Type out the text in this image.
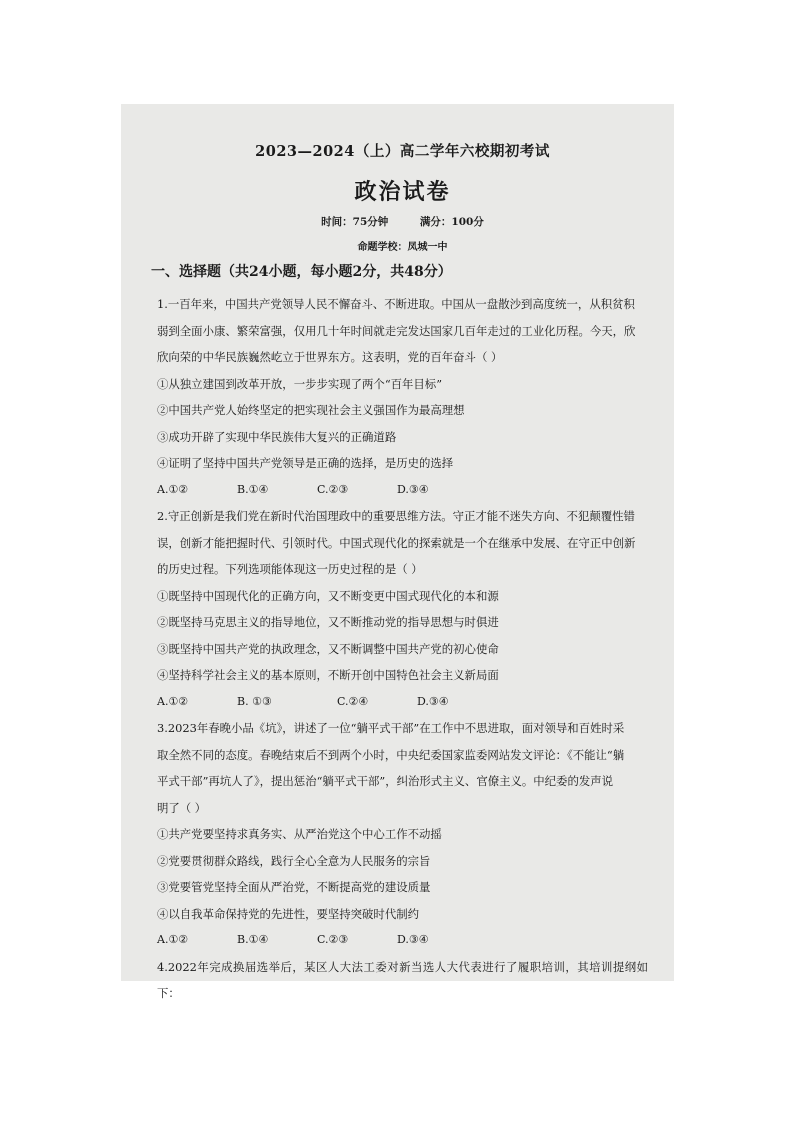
2023—2024（上）高二学年六校期初考试

政治试卷

时间：75分钟	满分：100分

命题学校：凤城一中

一、选择题（共24小题，每小题2分，共48分）

1.一百年来，中国共产党领导人民不懈奋斗、不断进取。中国从一盘散沙到高度统一，从积贫积

弱到全面小康、繁荣富强，仅用几十年时间就走完发达国家几百年走过的工业化历程。今天，欣

欣向荣的中华民族巍然屹立于世界东方。这表明，党的百年奋斗（ ）

①从独立建国到改革开放，一步步实现了两个“百年目标”

②中国共产党人始终坚定的把实现社会主义强国作为最高理想

③成功开辟了实现中华民族伟大复兴的正确道路

④证明了坚持中国共产党领导是正确的选择，是历史的选择

A.①②	B.①④	C.②③	D.③④

2.守正创新是我们党在新时代治国理政中的重要思维方法。守正才能不迷失方向、不犯颠覆性错

误，创新才能把握时代、引领时代。中国式现代化的探索就是一个在继承中发展、在守正中创新

的历史过程。下列选项能体现这一历史过程的是（ ）

①既坚持中国现代化的正确方向，又不断变更中国式现代化的本和源

②既坚持马克思主义的指导地位，又不断推动党的指导思想与时俱进

③既坚持中国共产党的执政理念，又不断调整中国共产党的初心使命

④坚持科学社会主义的基本原则，不断开创中国特色社会主义新局面

A.①②	B. ①③	C.②④	D.③④

3.2023年春晚小品《坑》，讲述了一位“躺平式干部”在工作中不思进取，面对领导和百姓时采

取全然不同的态度。春晚结束后不到两个小时，中央纪委国家监委网站发文评论：《不能让“躺

平式干部”再坑人了》，提出惩治“躺平式干部”，纠治形式主义、官僚主义。中纪委的发声说

明了（ ）

①共产党要坚持求真务实、从严治党这个中心工作不动摇

②党要贯彻群众路线，践行全心全意为人民服务的宗旨

③党要管党坚持全面从严治党，不断提高党的建设质量

④以自我革命保持党的先进性，要坚持突破时代制约

A.①②	B.①④	C.②③	D.③④

4.2022年完成换届选举后，某区人大法工委对新当选人大代表进行了履职培训，其培训提纲如下：
